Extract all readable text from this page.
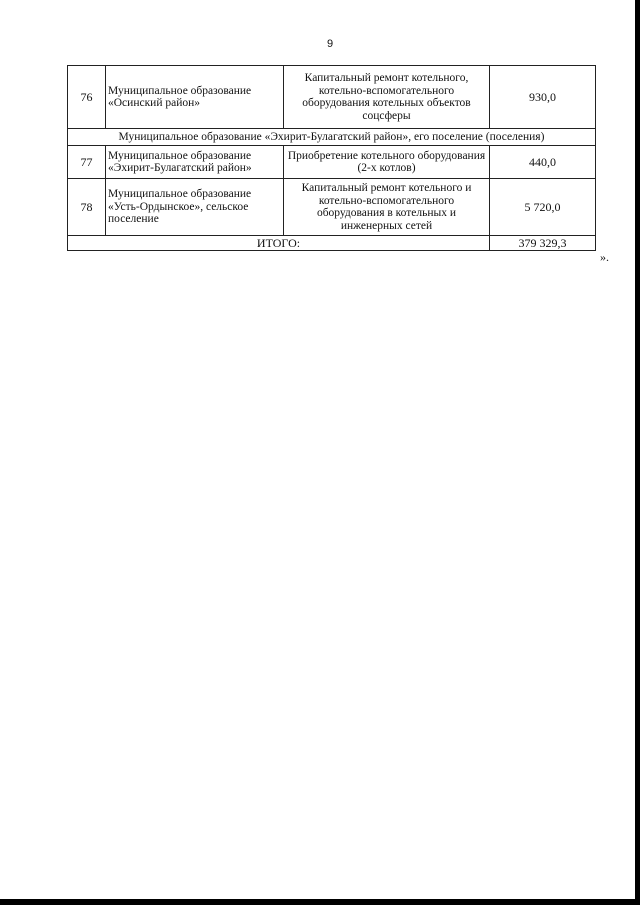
9
76	Муниципальное образование «Осинский район»	Капитальный ремонт котельного, котельно-вспомогательного оборудования котельных объектов соцсферы	930,0
Муниципальное образование «Эхирит-Булагатский район», его поселение (поселения)			
77	Муниципальное образование «Эхирит-Булагатский район»	Приобретение котельного оборудования (2-х котлов)	440,0
78	Муниципальное образование «Усть-Ордынское», сельское поселение	Капитальный ремонт котельного и котельно-вспомогательного оборудования в котельных и инженерных сетей	5 720,0
ИТОГО:			379 329,3
».
